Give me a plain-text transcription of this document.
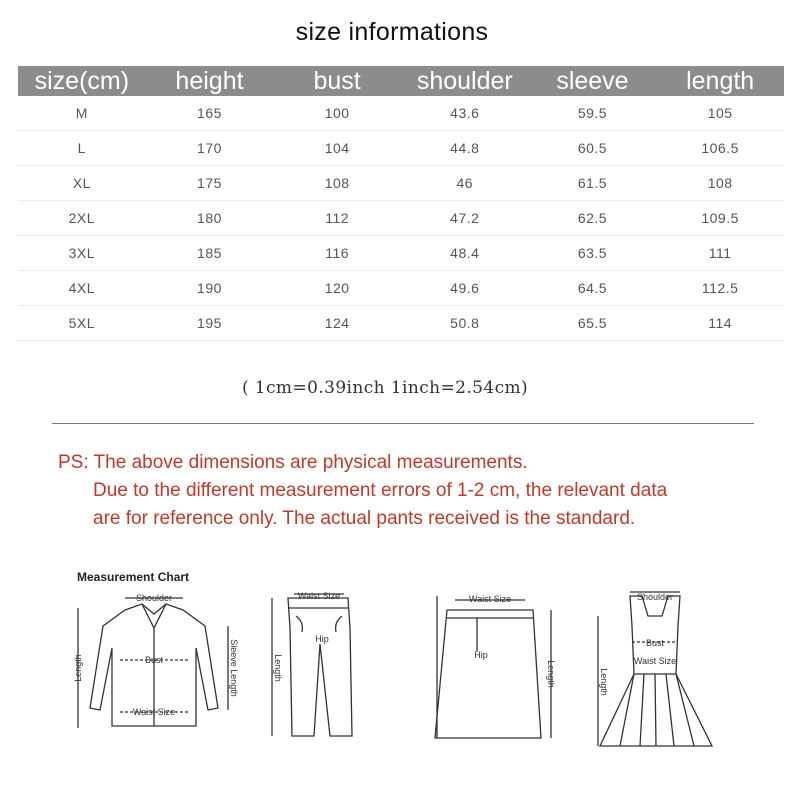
size informations
size(cm)	height	bust	shoulder	sleeve	length
M	165	100	43.6	59.5	105
L	170	104	44.8	60.5	106.5
XL	175	108	46	61.5	108
2XL	180	112	47.2	62.5	109.5
3XL	185	116	48.4	63.5	111
4XL	190	120	49.6	64.5	112.5
5XL	195	124	50.8	65.5	114
( 1cm=0.39inch 1inch=2.54cm)
PS: The above dimensions are physical measurements.
Due to the different measurement errors of 1-2 cm, the relevant data
are for reference only. The actual pants received is the standard.
Measurement Chart
Shoulder
Bust
Waist Size
Length	Sleeve Length
Waist Size
Hip
Length
Waist Size
Hip
Length
Shoulder
Bust
Waist Size
Length
